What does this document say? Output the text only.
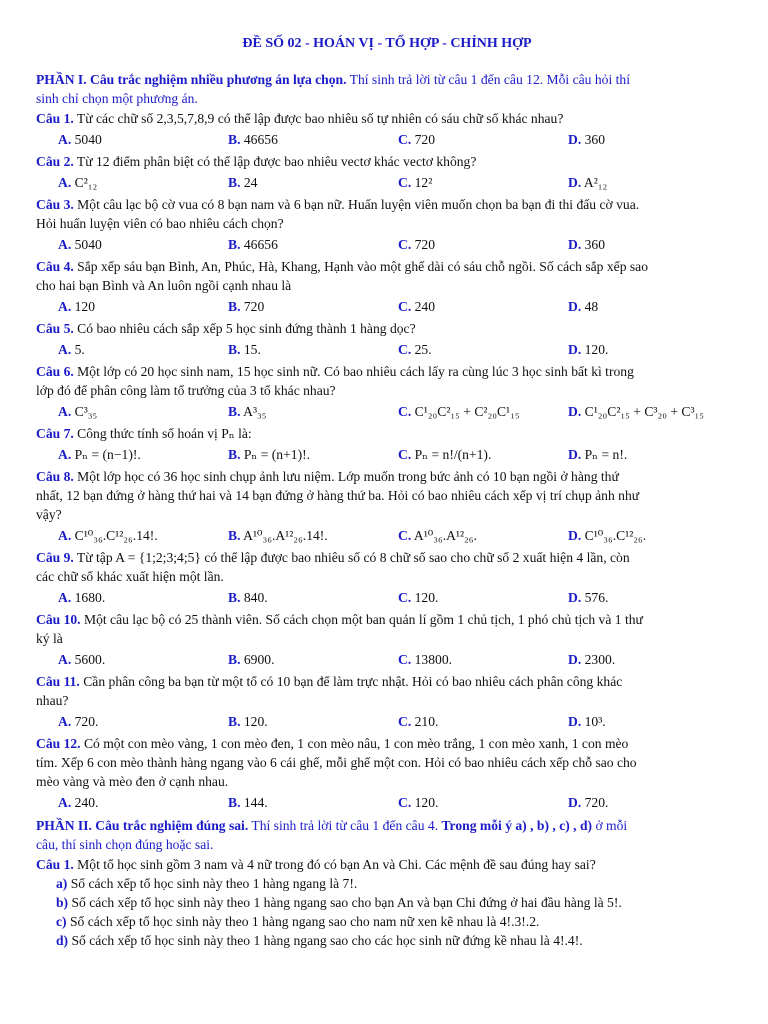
ĐỀ SỐ 02 - HOÁN VỊ - TỔ HỢP - CHỈNH HỢP
PHẦN I. Câu trắc nghiệm nhiều phương án lựa chọn. Thí sinh trả lời từ câu 1 đến câu 12. Mỗi câu hỏi thí
sinh chỉ chọn một phương án.
Câu 1. Từ các chữ số 2,3,5,7,8,9 có thể lập được bao nhiêu số tự nhiên có sáu chữ số khác nhau?
A. 5040	B. 46656	C. 720	D. 360
Câu 2. Từ 12 điểm phân biệt có thể lập được bao nhiêu vectơ khác vectơ không?
A. C²₁₂	B. 24	C. 12²	D. A²₁₂
Câu 3. Một câu lạc bộ cờ vua có 8 bạn nam và 6 bạn nữ. Huấn luyện viên muốn chọn ba bạn đi thi đấu cờ vua.
Hỏi huấn luyện viên có bao nhiêu cách chọn?
A. 5040	B. 46656	C. 720	D. 360
Câu 4. Sắp xếp sáu bạn Bình, An, Phúc, Hà, Khang, Hạnh vào một ghế dài có sáu chỗ ngồi. Số cách sắp xếp sao
cho hai bạn Bình và An luôn ngồi cạnh nhau là
A. 120	B. 720	C. 240	D. 48
Câu 5. Có bao nhiêu cách sắp xếp 5 học sinh đứng thành 1 hàng dọc?
A. 5.	B. 15.	C. 25.	D. 120.
Câu 6. Một lớp có 20 học sinh nam, 15 học sinh nữ. Có bao nhiêu cách lấy ra cùng lúc 3 học sinh bất kì trong
lớp đó để phân công làm tổ trưởng của 3 tổ khác nhau?
A. C³₃₅	B. A³₃₅	C. C¹₂₀C²₁₅ + C²₂₀C¹₁₅	D. C¹₂₀C²₁₅ + C³₂₀ + C³₁₅
Câu 7. Công thức tính số hoán vị Pₙ là:
A. Pₙ = (n−1)!.	B. Pₙ = (n+1)!.	C. Pₙ = n!/(n+1).	D. Pₙ = n!.
Câu 8. Một lớp học có 36 học sinh chụp ảnh lưu niệm. Lớp muốn trong bức ảnh có 10 bạn ngồi ở hàng thứ
nhất, 12 bạn đứng ở hàng thứ hai và 14 bạn đứng ở hàng thứ ba. Hỏi có bao nhiêu cách xếp vị trí chụp ảnh như
vậy?
A. C¹⁰₃₆.C¹²₂₆.14!.	B. A¹⁰₃₆.A¹²₂₆.14!.	C. A¹⁰₃₆.A¹²₂₆.	D. C¹⁰₃₆.C¹²₂₆.
Câu 9. Từ tập A = {1;2;3;4;5} có thể lập được bao nhiêu số có 8 chữ số sao cho chữ số 2 xuất hiện 4 lần, còn
các chữ số khác xuất hiện một lần.
A. 1680.	B. 840.	C. 120.	D. 576.
Câu 10. Một câu lạc bộ có 25 thành viên. Số cách chọn một ban quản lí gồm 1 chủ tịch, 1 phó chủ tịch và 1 thư
ký là
A. 5600.	B. 6900.	C. 13800.	D. 2300.
Câu 11. Cần phân công ba bạn từ một tổ có 10 bạn để làm trực nhật. Hỏi có bao nhiêu cách phân công khác
nhau?
A. 720.	B. 120.	C. 210.	D. 10³.
Câu 12. Có một con mèo vàng, 1 con mèo đen, 1 con mèo nâu, 1 con mèo trắng, 1 con mèo xanh, 1 con mèo
tím. Xếp 6 con mèo thành hàng ngang vào 6 cái ghế, mỗi ghế một con. Hỏi có bao nhiêu cách xếp chỗ sao cho
mèo vàng và mèo đen ở cạnh nhau.
A. 240.	B. 144.	C. 120.	D. 720.
PHẦN II. Câu trắc nghiệm đúng sai. Thí sinh trả lời từ câu 1 đến câu 4. Trong mỗi ý a) , b) , c) , d) ở mỗi
câu, thí sinh chọn đúng hoặc sai.
Câu 1. Một tổ học sinh gồm 3 nam và 4 nữ trong đó có bạn An và Chi. Các mệnh đề sau đúng hay sai?
a) Số cách xếp tổ học sinh này theo 1 hàng ngang là 7!.
b) Số cách xếp tổ học sinh này theo 1 hàng ngang sao cho bạn An và bạn Chi đứng ở hai đầu hàng là 5!.
c) Số cách xếp tổ học sinh này theo 1 hàng ngang sao cho nam nữ xen kẽ nhau là 4!.3!.2.
d) Số cách xếp tổ học sinh này theo 1 hàng ngang sao cho các học sinh nữ đứng kề nhau là 4!.4!.
